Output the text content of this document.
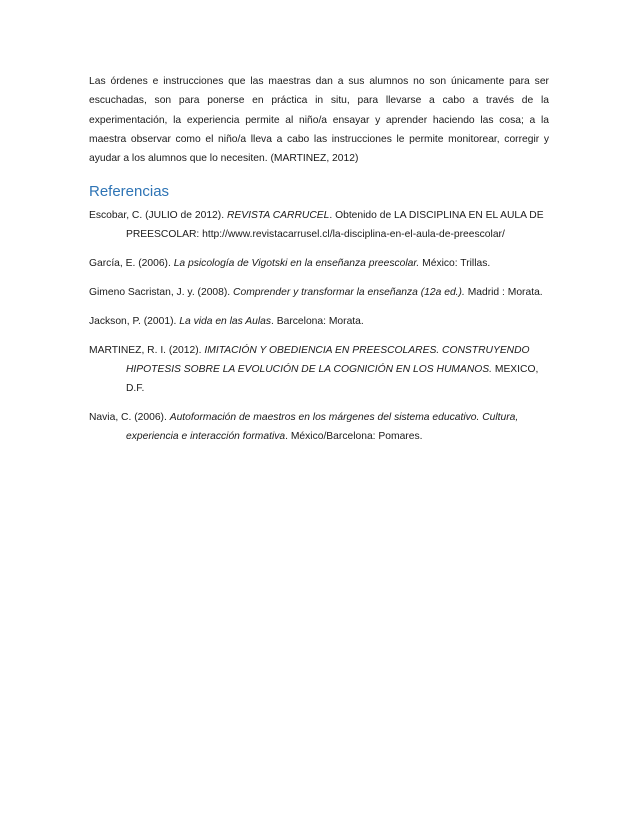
Las órdenes e instrucciones que las maestras dan a sus alumnos no son únicamente para ser escuchadas, son para ponerse en práctica in situ, para llevarse a cabo a través de la experimentación, la experiencia permite al niño/a ensayar y aprender haciendo las cosa; a la maestra observar como el niño/a lleva a cabo las instrucciones le permite monitorear, corregir y ayudar a los alumnos que lo necesiten. (MARTINEZ, 2012)

Referencias

Escobar, C. (JULIO de 2012). REVISTA CARRUCEL. Obtenido de LA DISCIPLINA EN EL AULA DE PREESCOLAR: http://www.revistacarrusel.cl/la-disciplina-en-el-aula-de-preescolar/

García, E. (2006). La psicología de Vigotski en la enseñanza preescolar. México: Trillas.

Gimeno Sacristan, J. y. (2008). Comprender y transformar la enseñanza (12a ed.). Madrid : Morata.

Jackson, P. (2001). La vida en las Aulas. Barcelona: Morata.

MARTINEZ, R. I. (2012). IMITACIÓN Y OBEDIENCIA EN PREESCOLARES. CONSTRUYENDO HIPOTESIS SOBRE LA EVOLUCIÓN DE LA COGNICIÓN EN LOS HUMANOS. MEXICO, D.F.

Navia, C. (2006). Autoformación de maestros en los márgenes del sistema educativo. Cultura, experiencia e interacción formativa. México/Barcelona: Pomares.
